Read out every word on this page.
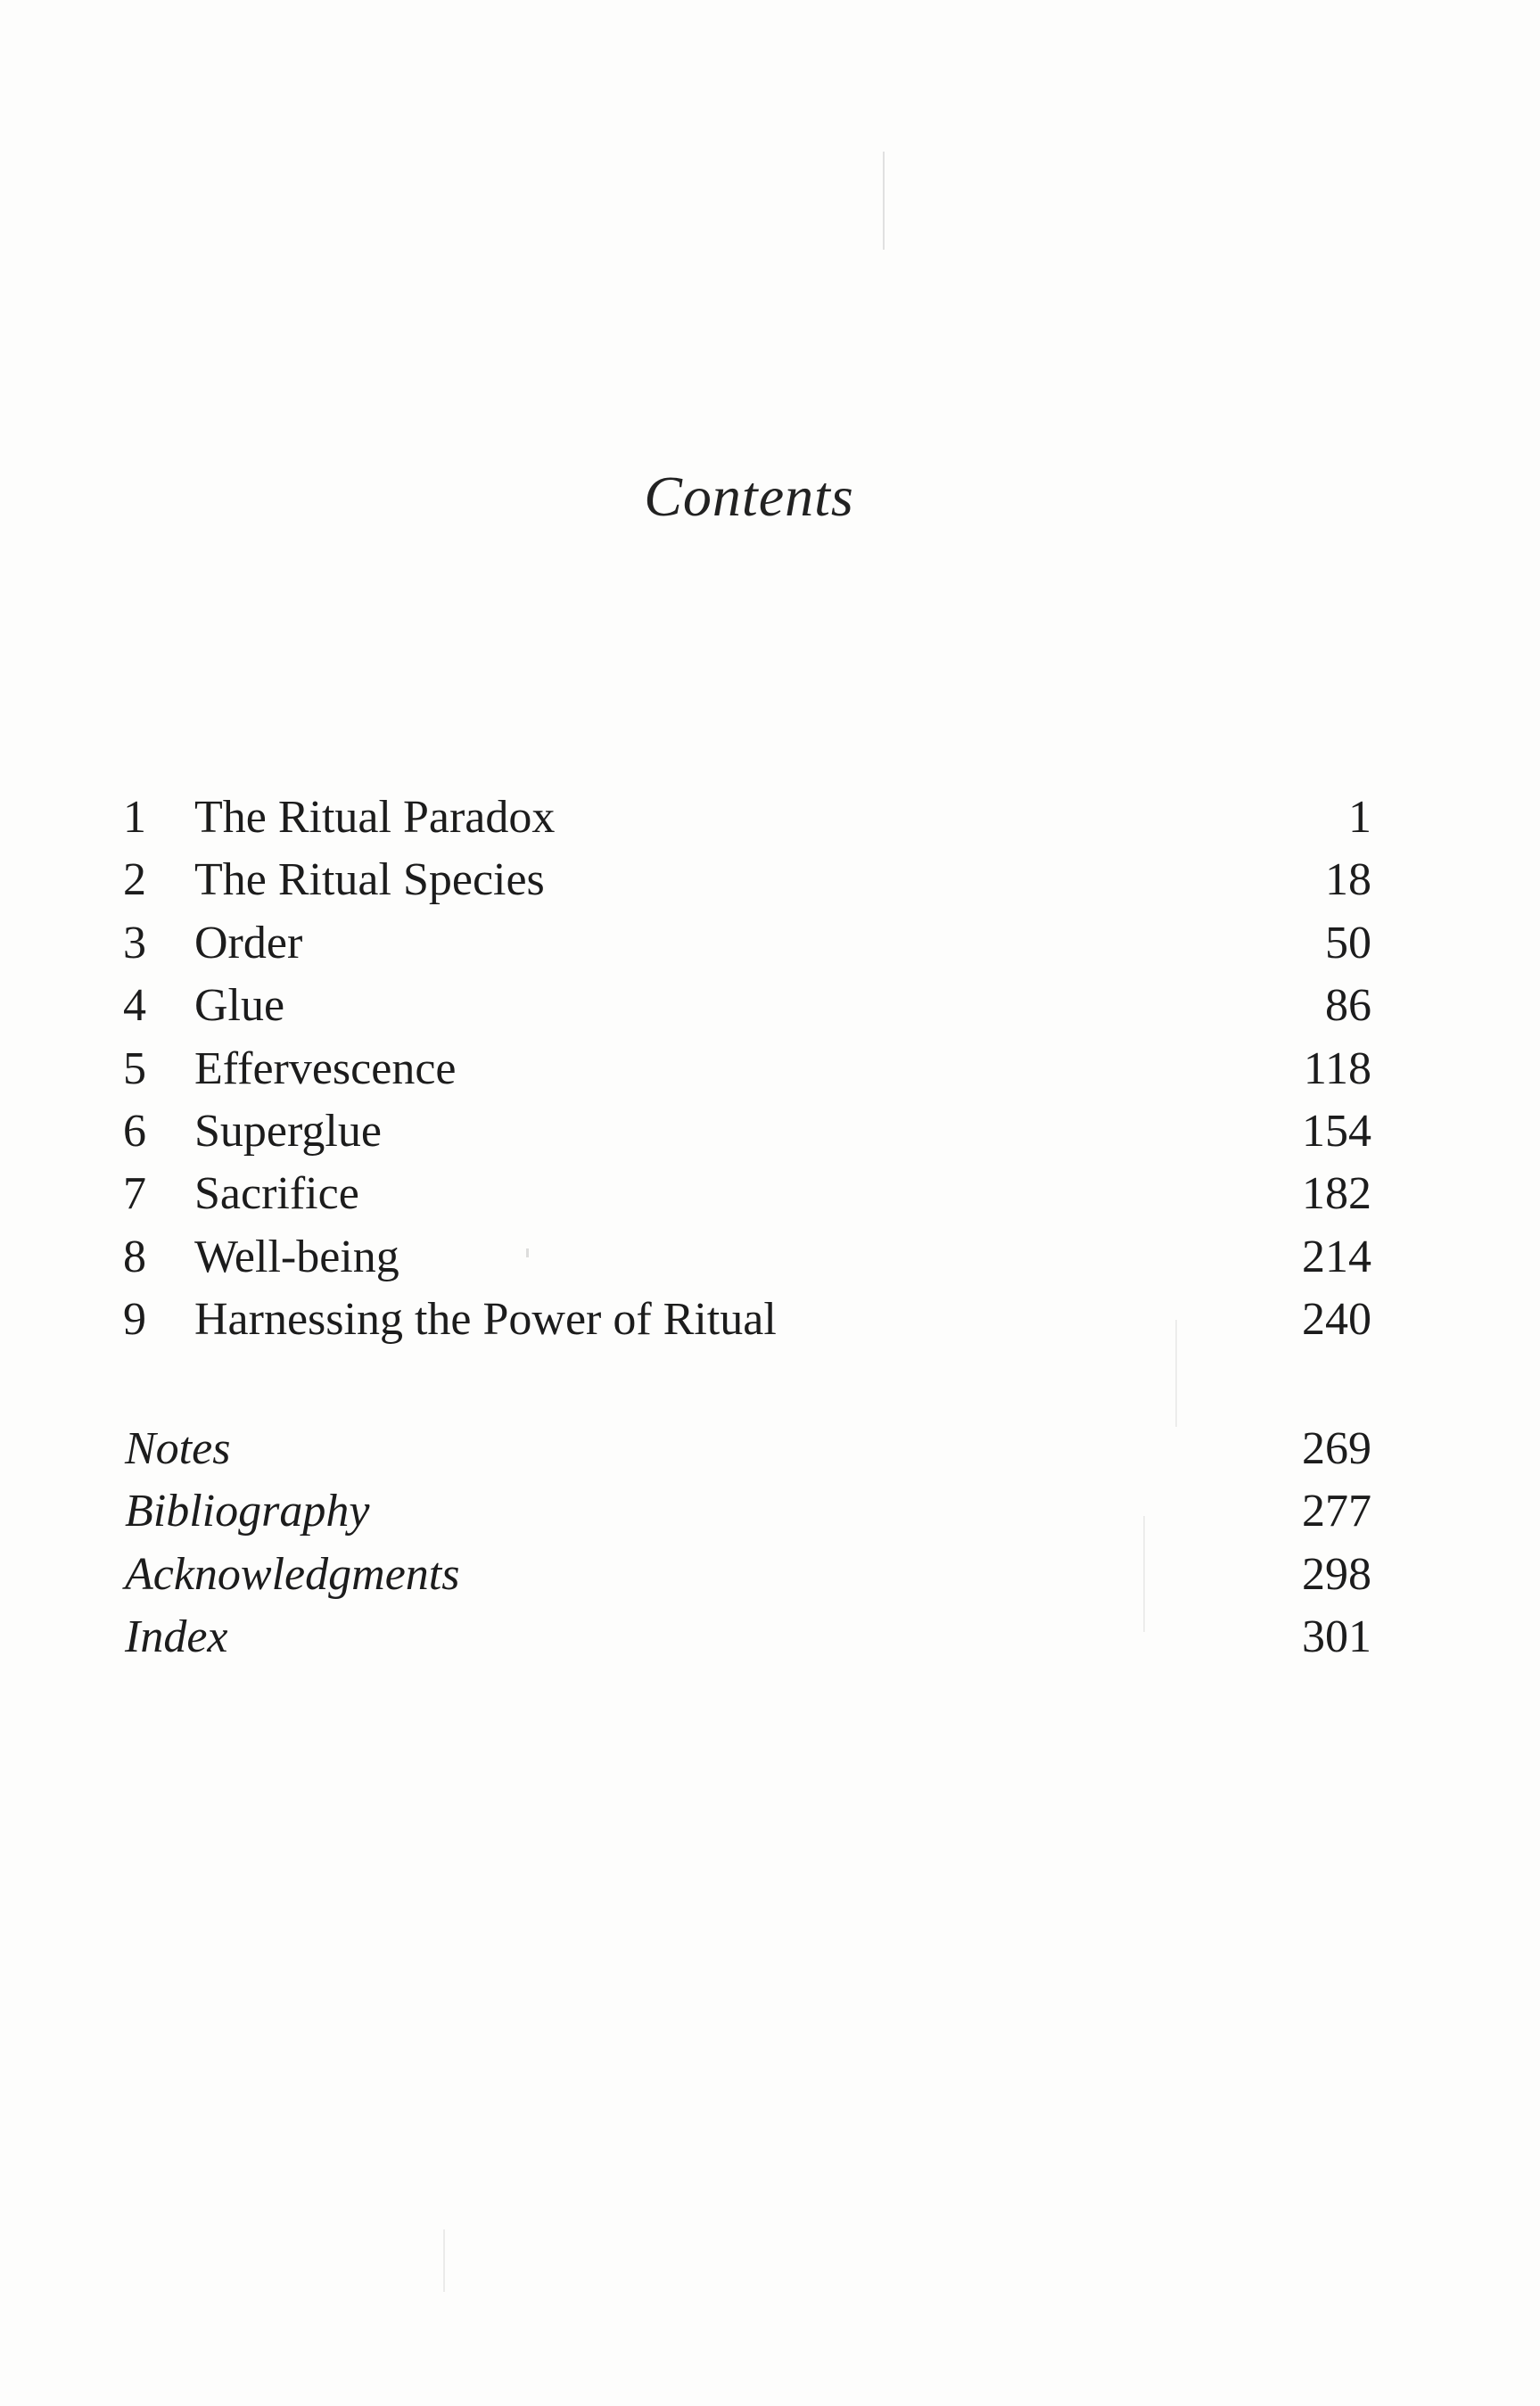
Contents
1	The Ritual Paradox	1
2	The Ritual Species	18
3	Order	50
4	Glue	86
5	Effervescence	118
6	Superglue	154
7	Sacrifice	182
8	Well-being	214
9	Harnessing the Power of Ritual	240
Notes	269
Bibliography	277
Acknowledgments	298
Index	301
